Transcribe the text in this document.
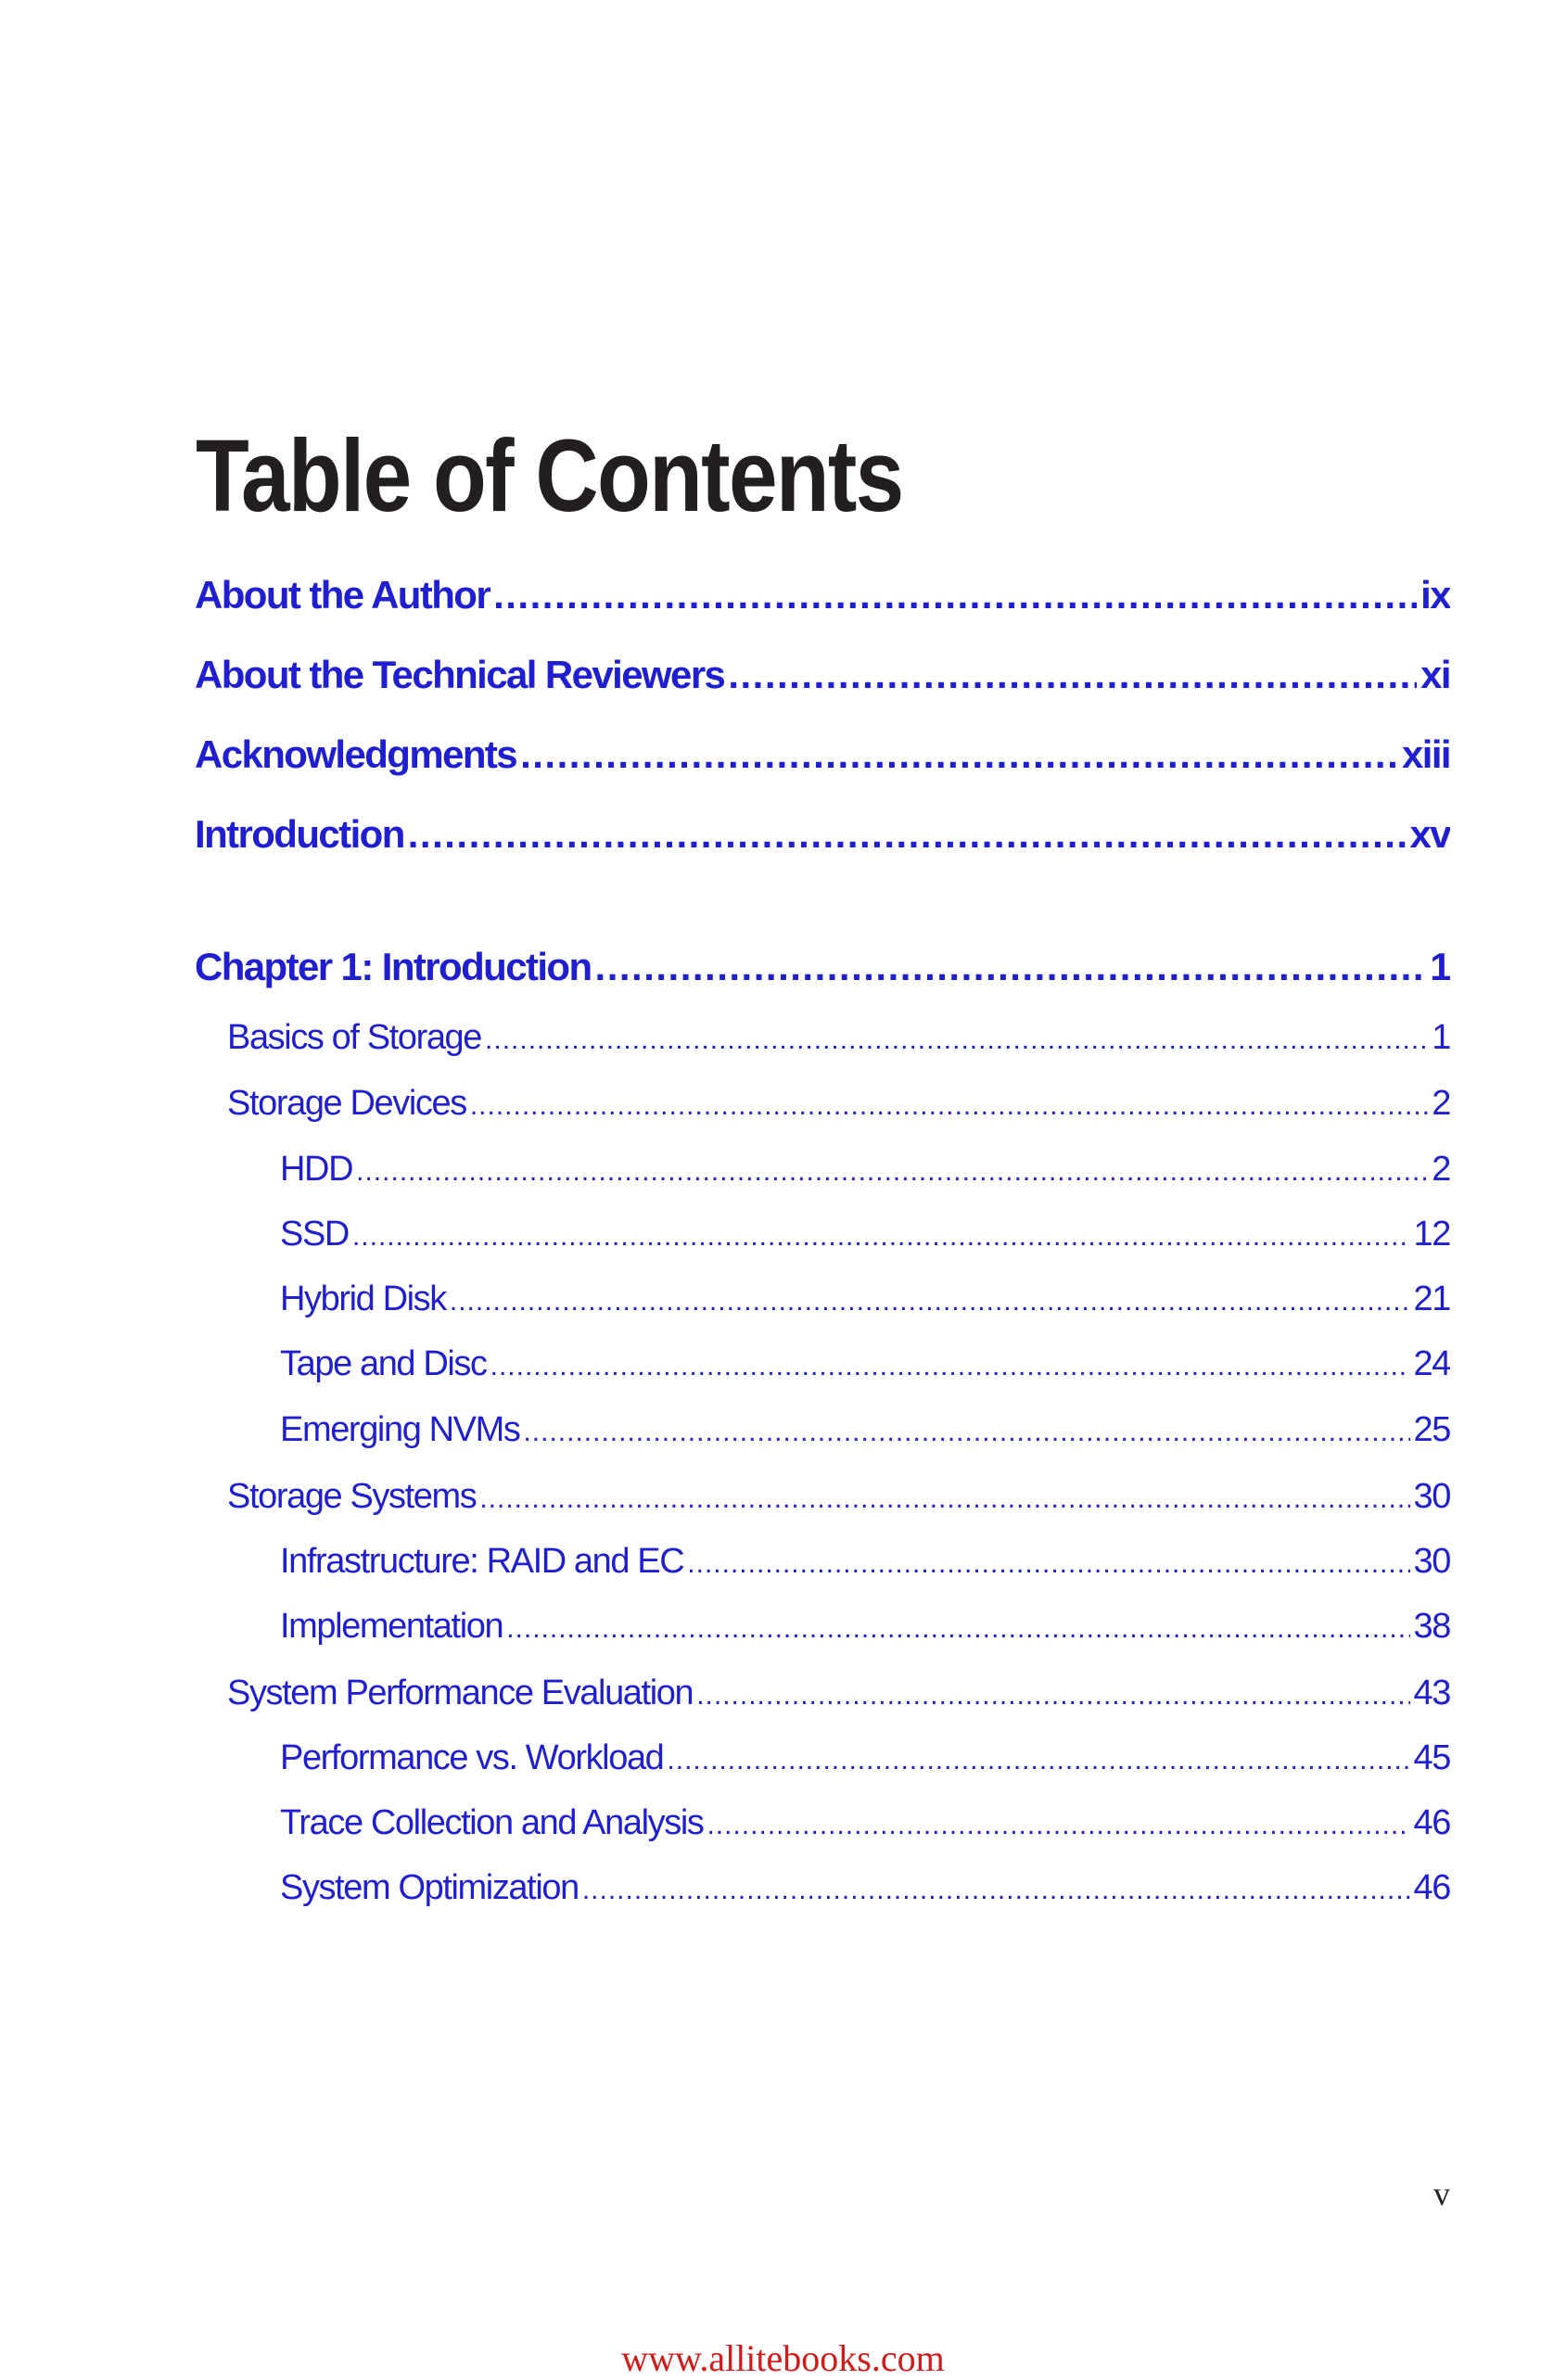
Table of Contents
About the Author .....	ix
About the Technical Reviewers .....	xi
Acknowledgments .....	xiii
Introduction .....	xv
Chapter 1: Introduction .....	1
Basics of Storage .....	1
Storage Devices .....	2
HDD .....	2
SSD .....	12
Hybrid Disk .....	21
Tape and Disc .....	24
Emerging NVMs .....	25
Storage Systems .....	30
Infrastructure: RAID and EC .....	30
Implementation .....	38
System Performance Evaluation .....	43
Performance vs. Workload .....	45
Trace Collection and Analysis .....	46
System Optimization .....	46
v
www.allitebooks.com
